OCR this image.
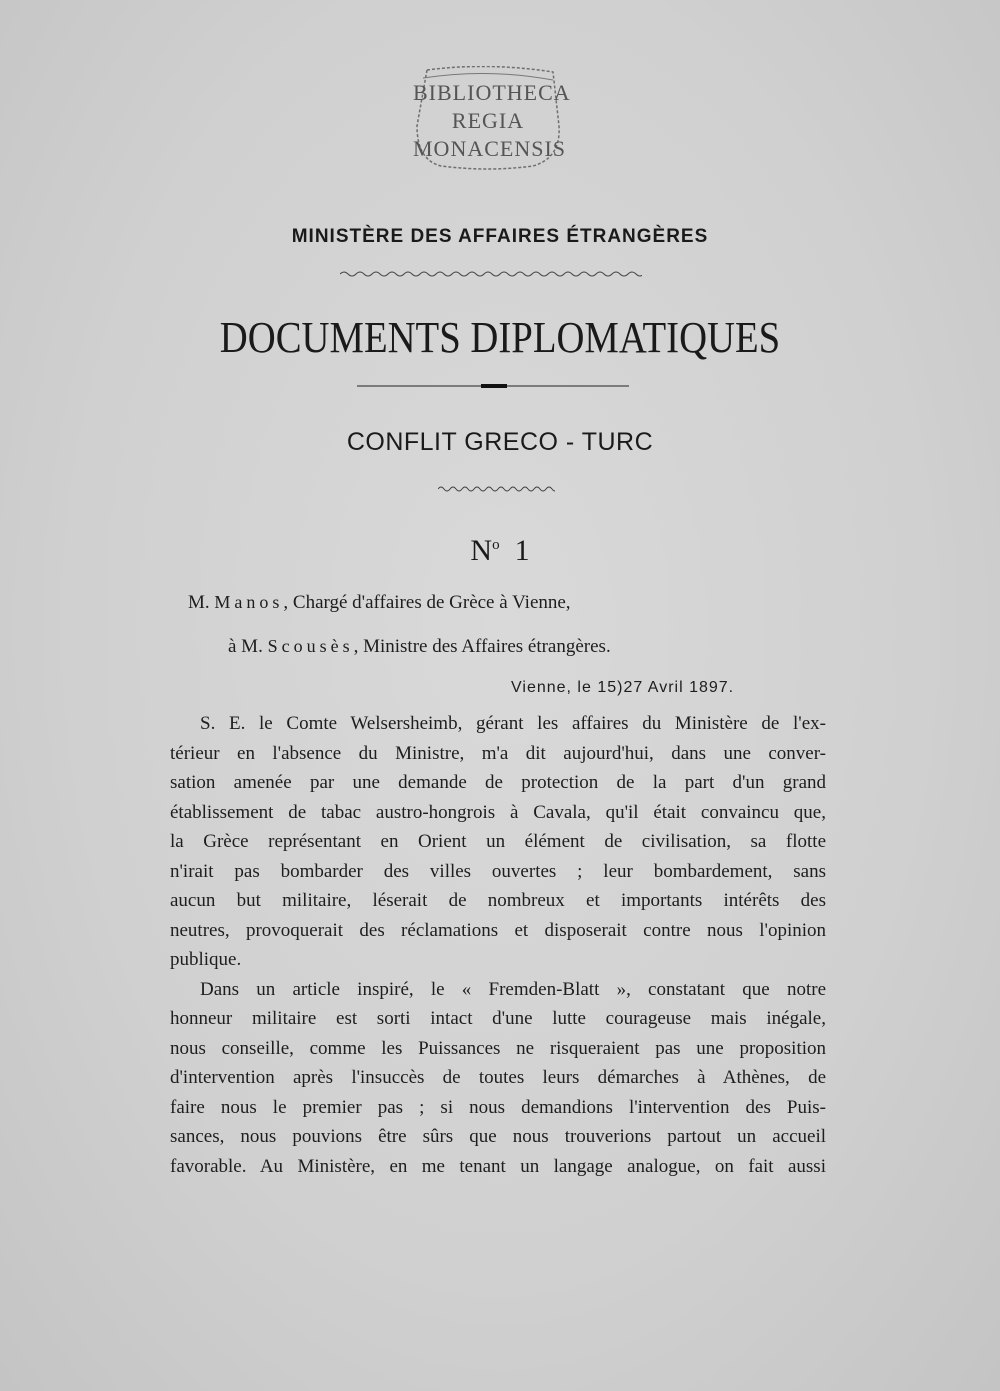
BIBLIOTHECA
REGIA
MONACENSIS
MINISTÈRE DES AFFAIRES ÉTRANGÈRES
DOCUMENTS DIPLOMATIQUES
CONFLIT GRECO - TURC
$N^o$ 1
M. Manos, Chargé d'affaires de Grèce à Vienne,
à M. Scousès, Ministre des Affaires étrangères.
Vienne, le 15)27 Avril 1897.
S. E. le Comte Welsersheimb, gérant les affaires du Ministère de l'ex-
térieur en l'absence du Ministre, m'a dit aujourd'hui, dans une conver-
sation amenée par une demande de protection de la part d'un grand
établissement de tabac austro-hongrois à Cavala, qu'il était convaincu que,
la Grèce représentant en Orient un élément de civilisation, sa flotte
n'irait pas bombarder des villes ouvertes ; leur bombardement, sans
aucun but militaire, léserait de nombreux et importants intérêts des
neutres, provoquerait des réclamations et disposerait contre nous l'opinion
publique.
Dans un article inspiré, le « Fremden-Blatt », constatant que notre
honneur militaire est sorti intact d'une lutte courageuse mais inégale,
nous conseille, comme les Puissances ne risqueraient pas une proposition
d'intervention après l'insuccès de toutes leurs démarches à Athènes, de
faire nous le premier pas ; si nous demandions l'intervention des Puis-
sances, nous pouvions être sûrs que nous trouverions partout un accueil
favorable. Au Ministère, en me tenant un langage analogue, on fait aussi
